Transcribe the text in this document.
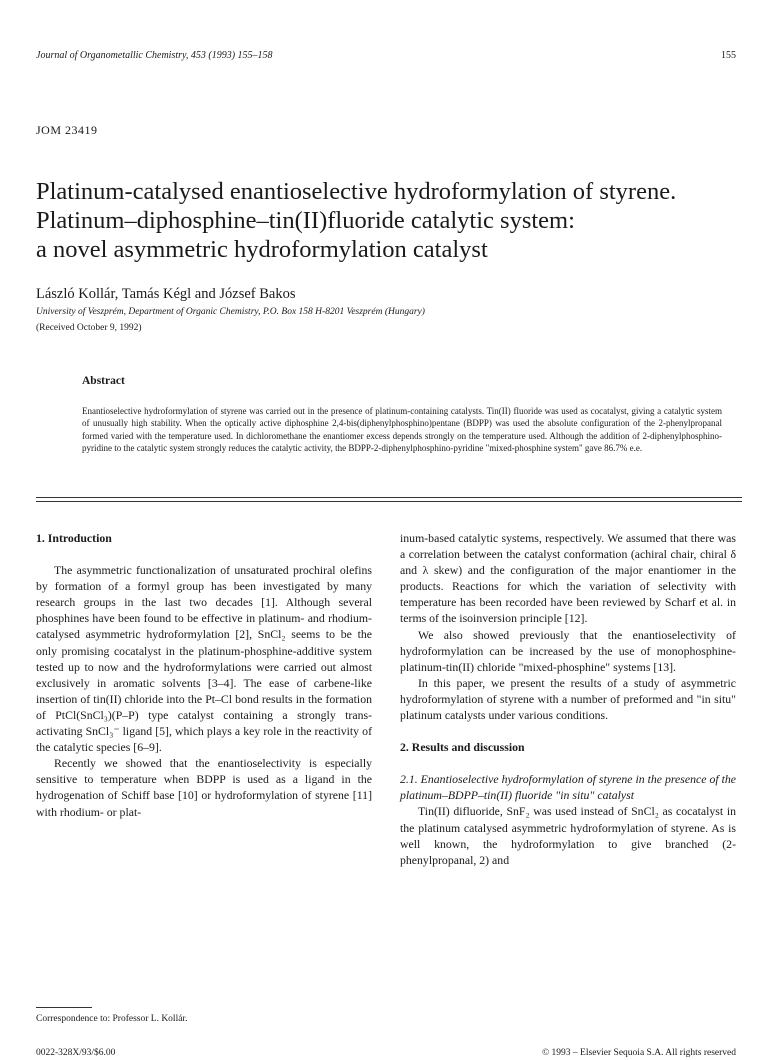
Journal of Organometallic Chemistry, 453 (1993) 155–158	155
JOM 23419
Platinum-catalysed enantioselective hydroformylation of styrene.
Platinum–diphosphine–tin(II)fluoride catalytic system:
a novel asymmetric hydroformylation catalyst
László Kollár, Tamás Kégl and József Bakos
University of Veszprém, Department of Organic Chemistry, P.O. Box 158 H-8201 Veszprém (Hungary)
(Received October 9, 1992)
Abstract
Enantioselective hydroformylation of styrene was carried out in the presence of platinum-containing catalysts. Tin(II) fluoride was used as cocatalyst, giving a catalytic system of unusually high stability. When the optically active diphosphine 2,4-bis(diphenylphosphino)pentane (BDPP) was used the absolute configuration of the 2-phenylpropanal formed varied with the temperature used. In dichloromethane the enantiomer excess depends strongly on the temperature used. Although the addition of 2-diphenylphosphino-pyridine to the catalytic system strongly reduces the catalytic activity, the BDPP-2-diphenylphosphino-pyridine "mixed-phosphine system" gave 86.7% e.e.

1. Introduction

The asymmetric functionalization of unsaturated prochiral olefins by formation of a formyl group has been investigated by many research groups in the last two decades [1]. Although several phosphines have been found to be effective in platinum- and rhodium-catalysed asymmetric hydroformylation [2], SnCl₂ seems to be the only promising cocatalyst in the platinum-phosphine-additive system tested up to now and the hydroformylations were carried out almost exclusively in aromatic solvents [3–4]. The ease of carbene-like insertion of tin(II) chloride into the Pt–Cl bond results in the formation of PtCl(SnCl₃)(P–P) type catalyst containing a strongly trans-activating SnCl₃⁻ ligand [5], which plays a key role in the reactivity of the catalytic species [6–9].

Recently we showed that the enantioselectivity is especially sensitive to temperature when BDPP is used as a ligand in the hydrogenation of Schiff base [10] or hydroformylation of styrene [11] with rhodium- or plat-

inum-based catalytic systems, respectively. We assumed that there was a correlation between the catalyst conformation (achiral chair, chiral δ and λ skew) and the configuration of the major enantiomer in the products. Reactions for which the variation of selectivity with temperature has been recorded have been reviewed by Scharf et al. in terms of the isoinversion principle [12].

We also showed previously that the enantioselectivity of hydroformylation can be increased by the use of monophosphine-platinum-tin(II) chloride "mixed-phosphine" systems [13].

In this paper, we present the results of a study of asymmetric hydroformylation of styrene with a number of preformed and "in situ" platinum catalysts under various conditions.

2. Results and discussion

2.1. Enantioselective hydroformylation of styrene in the presence of the platinum–BDPP–tin(II) fluoride "in situ" catalyst

Tin(II) difluoride, SnF₂ was used instead of SnCl₂ as cocatalyst in the platinum catalysed asymmetric hydroformylation of styrene. As is well known, the hydroformylation to give branched (2-phenylpropanal, 2) and

Correspondence to: Professor L. Kollár.
0022-328X/93/$6.00	© 1993 – Elsevier Sequoia S.A. All rights reserved
